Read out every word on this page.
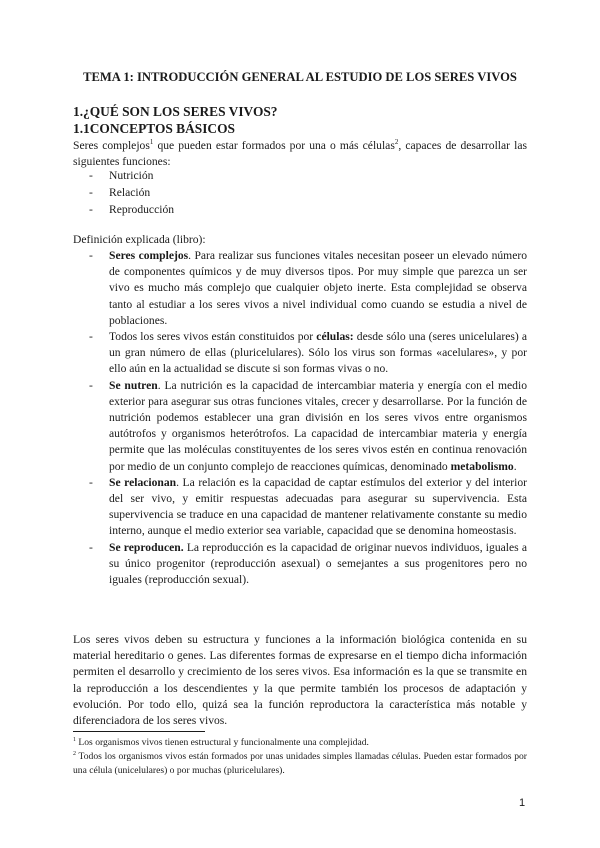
TEMA 1: INTRODUCCIÓN GENERAL AL ESTUDIO DE LOS SERES VIVOS
1.¿QUÉ SON LOS SERES VIVOS?
1.1CONCEPTOS BÁSICOS
Seres complejos$^1$ que pueden estar formados por una o más células$^2$, capaces de desarrollar las siguientes funciones:
-	Nutrición
-	Relación
-	Reproducción
Definición explicada (libro):
-	Seres complejos. Para realizar sus funciones vitales necesitan poseer un elevado número de componentes químicos y de muy diversos tipos. Por muy simple que parezca un ser vivo es mucho más complejo que cualquier objeto inerte. Esta complejidad se observa tanto al estudiar a los seres vivos a nivel individual como cuando se estudia a nivel de poblaciones.
-	Todos los seres vivos están constituidos por células: desde sólo una (seres unicelulares) a un gran número de ellas (pluricelulares). Sólo los virus son formas «acelulares», y por ello aún en la actualidad se discute si son formas vivas o no.
-	Se nutren. La nutrición es la capacidad de intercambiar materia y energía con el medio exterior para asegurar sus otras funciones vitales, crecer y desarrollarse. Por la función de nutrición podemos establecer una gran división en los seres vivos entre organismos autótrofos y organismos heterótrofos. La capacidad de intercambiar materia y energía permite que las moléculas constituyentes de los seres vivos estén en continua renovación por medio de un conjunto complejo de reacciones químicas, denominado metabolismo.
-	Se relacionan. La relación es la capacidad de captar estímulos del exterior y del interior del ser vivo, y emitir respuestas adecuadas para asegurar su supervivencia. Esta supervivencia se traduce en una capacidad de mantener relativamente constante su medio interno, aunque el medio exterior sea variable, capacidad que se denomina homeostasis.
-	Se reproducen. La reproducción es la capacidad de originar nuevos individuos, iguales a su único progenitor (reproducción asexual) o semejantes a sus progenitores pero no iguales (reproducción sexual).
Los seres vivos deben su estructura y funciones a la información biológica contenida en su material hereditario o genes. Las diferentes formas de expresarse en el tiempo dicha información permiten el desarrollo y crecimiento de los seres vivos. Esa información es la que se transmite en la reproducción a los descendientes y la que permite también los procesos de adaptación y evolución. Por todo ello, quizá sea la función reproductora la característica más notable y diferenciadora de los seres vivos.
$^1$ Los organismos vivos tienen estructural y funcionalmente una complejidad.
$^2$ Todos los organismos vivos están formados por unas unidades simples llamadas células. Pueden estar formados por una célula (unicelulares) o por muchas (pluricelulares).
1
